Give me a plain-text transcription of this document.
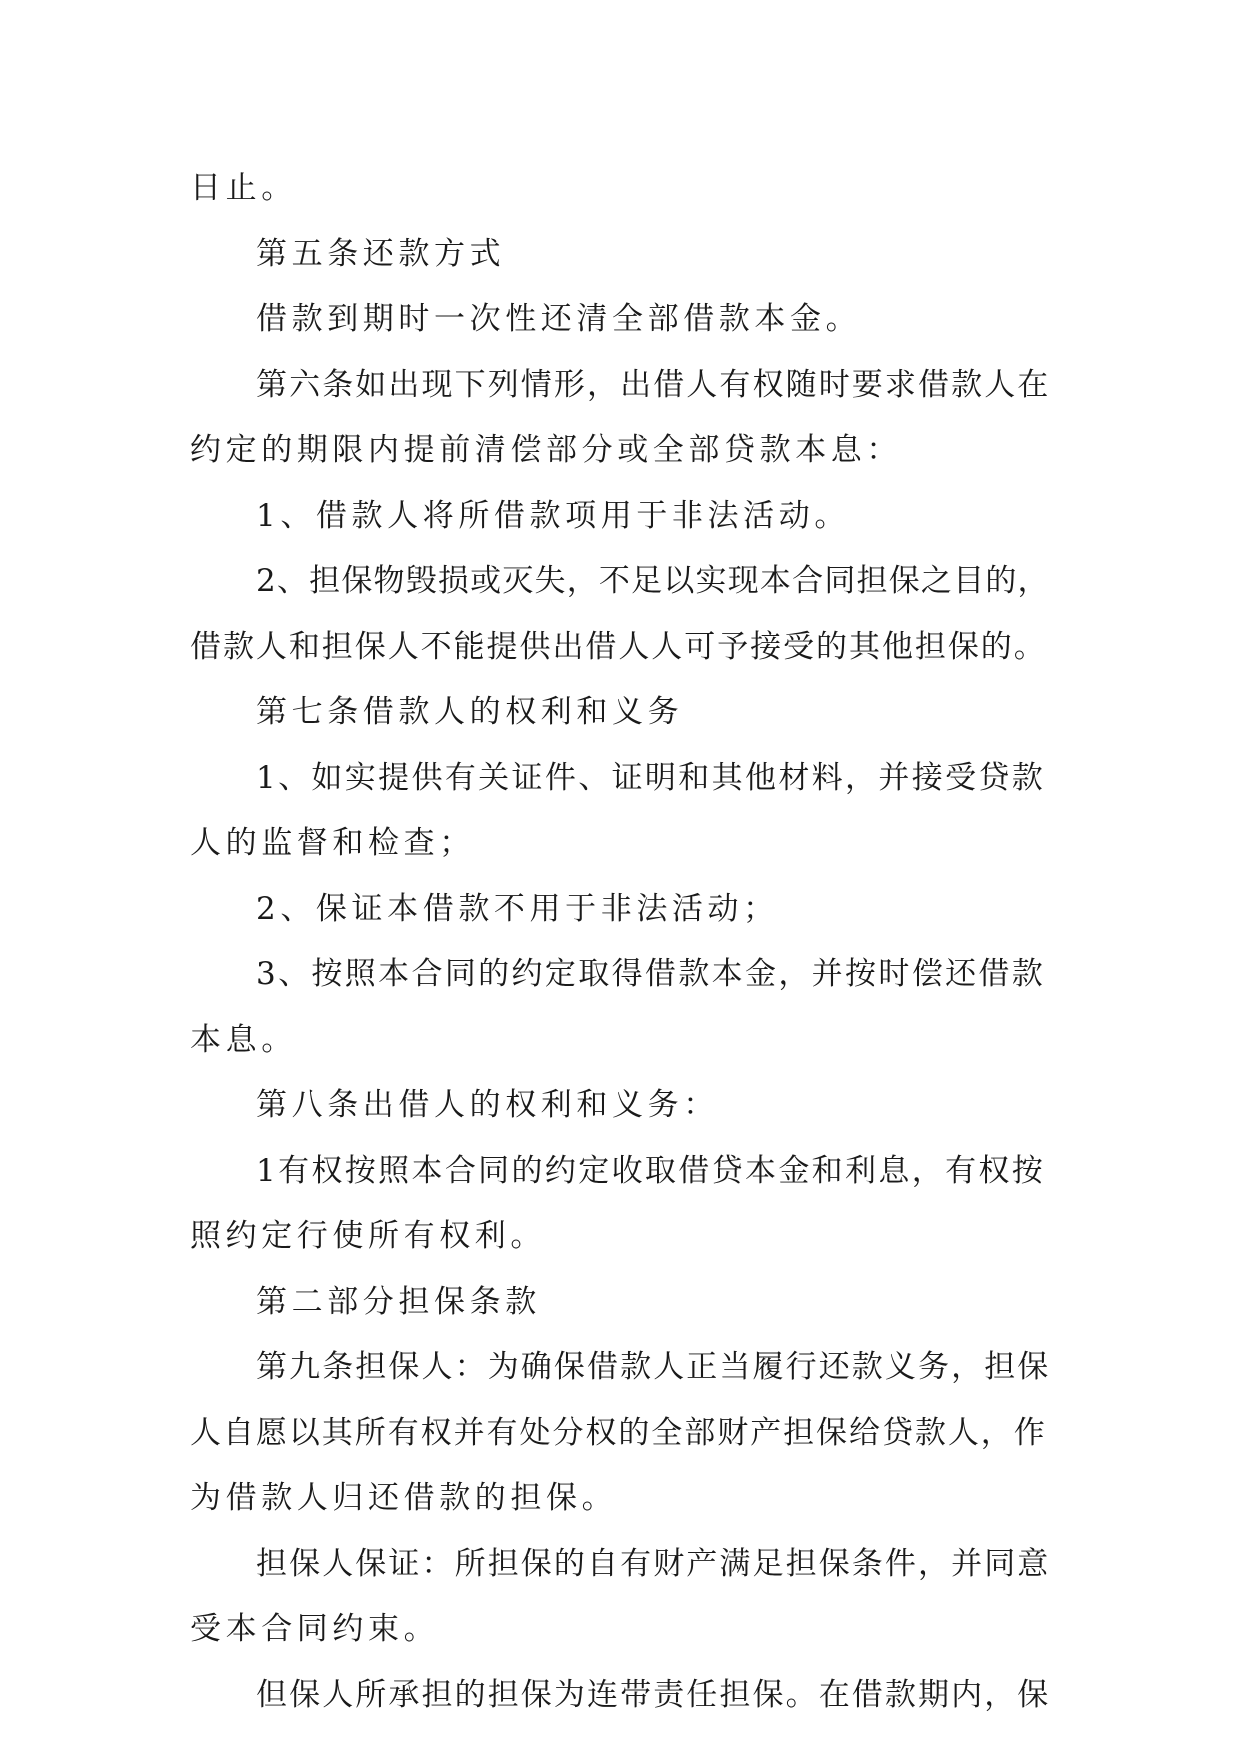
日止。
第五条还款方式
借款到期时一次性还清全部借款本金。
第六条如出现下列情形，出借人有权随时要求借款人在
约定的期限内提前清偿部分或全部贷款本息：
1、借款人将所借款项用于非法活动。
2、担保物毁损或灭失，不足以实现本合同担保之目的，
借款人和担保人不能提供出借人人可予接受的其他担保的。
第七条借款人的权利和义务
1、如实提供有关证件、证明和其他材料，并接受贷款
人的监督和检查；
2、保证本借款不用于非法活动；
3、按照本合同的约定取得借款本金，并按时偿还借款
本息。
第八条出借人的权利和义务：
1有权按照本合同的约定收取借贷本金和利息，有权按
照约定行使所有权利。
第二部分担保条款
第九条担保人：为确保借款人正当履行还款义务，担保
人自愿以其所有权并有处分权的全部财产担保给贷款人，作
为借款人归还借款的担保。
担保人保证：所担保的自有财产满足担保条件，并同意
受本合同约束。
但保人所承担的担保为连带责任担保。在借款期内，保
